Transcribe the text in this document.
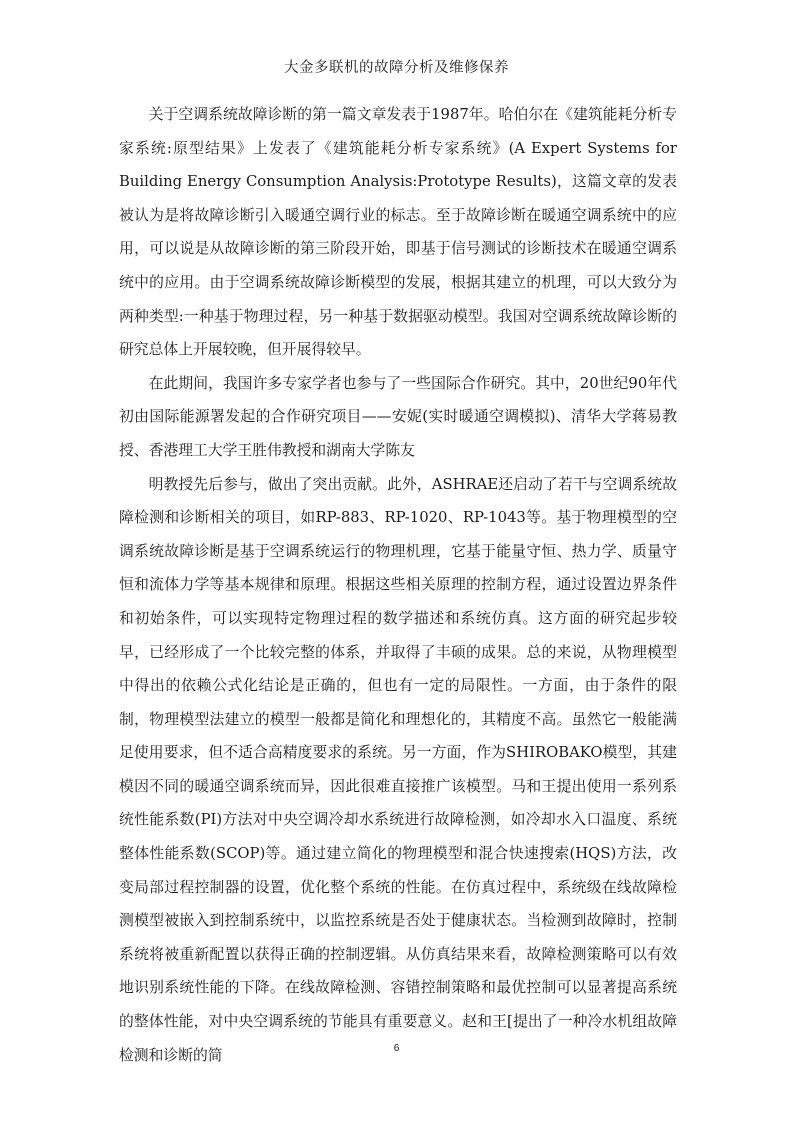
大金多联机的故障分析及维修保养

关于空调系统故障诊断的第一篇文章发表于1987年。哈伯尔在《建筑能耗分析专家系统:原型结果》上发表了《建筑能耗分析专家系统》(A Expert Systems for Building Energy Consumption Analysis:Prototype Results)，这篇文章的发表被认为是将故障诊断引入暖通空调行业的标志。至于故障诊断在暖通空调系统中的应用，可以说是从故障诊断的第三阶段开始，即基于信号测试的诊断技术在暖通空调系统中的应用。由于空调系统故障诊断模型的发展，根据其建立的机理，可以大致分为两种类型:一种基于物理过程，另一种基于数据驱动模型。我国对空调系统故障诊断的研究总体上开展较晚，但开展得较早。

在此期间，我国许多专家学者也参与了一些国际合作研究。其中，20世纪90年代初由国际能源署发起的合作研究项目——安妮(实时暖通空调模拟)、清华大学蒋易教授、香港理工大学王胜伟教授和湖南大学陈友

明教授先后参与，做出了突出贡献。此外，ASHRAE还启动了若干与空调系统故障检测和诊断相关的项目，如RP-883、RP-1020、RP-1043等。基于物理模型的空调系统故障诊断是基于空调系统运行的物理机理，它基于能量守恒、热力学、质量守恒和流体力学等基本规律和原理。根据这些相关原理的控制方程，通过设置边界条件和初始条件，可以实现特定物理过程的数学描述和系统仿真。这方面的研究起步较早，已经形成了一个比较完整的体系，并取得了丰硕的成果。总的来说，从物理模型中得出的依赖公式化结论是正确的，但也有一定的局限性。一方面，由于条件的限制，物理模型法建立的模型一般都是简化和理想化的，其精度不高。虽然它一般能满足使用要求，但不适合高精度要求的系统。另一方面，作为SHIROBAKO模型，其建模因不同的暖通空调系统而异，因此很难直接推广该模型。马和王提出使用一系列系统性能系数(PI)方法对中央空调冷却水系统进行故障检测，如冷却水入口温度、系统整体性能系数(SCOP)等。通过建立简化的物理模型和混合快速搜索(HQS)方法，改变局部过程控制器的设置，优化整个系统的性能。在仿真过程中，系统级在线故障检测模型被嵌入到控制系统中，以监控系统是否处于健康状态。当检测到故障时，控制系统将被重新配置以获得正确的控制逻辑。从仿真结果来看，故障检测策略可以有效地识别系统性能的下降。在线故障检测、容错控制策略和最优控制可以显著提高系统的整体性能，对中央空调系统的节能具有重要意义。赵和王[提出了一种冷水机组故障检测和诊断的简	6
